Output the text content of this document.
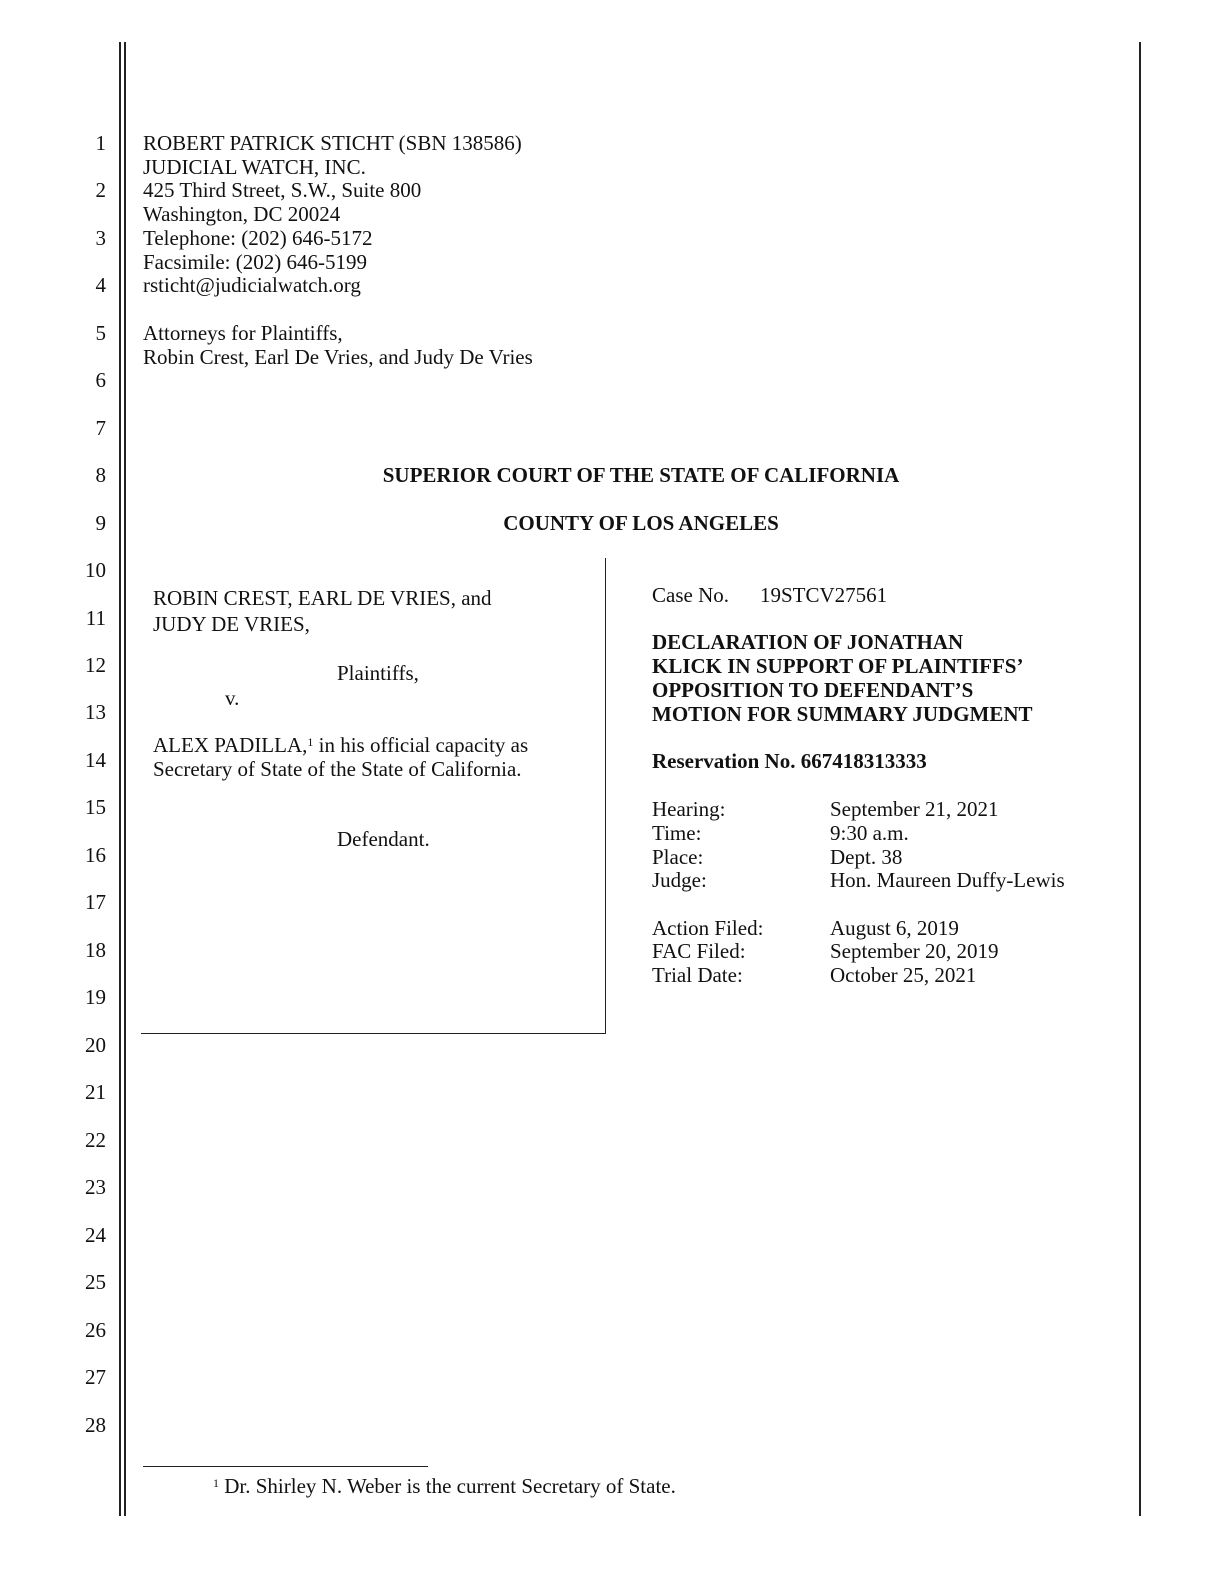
1
2
3
4
5
6
7
8
9
10
11
12
13
14
15
16
17
18
19
20
21
22
23
24
25
26
27
28
ROBERT PATRICK STICHT (SBN 138586)
JUDICIAL WATCH, INC.
425 Third Street, S.W., Suite 800
Washington, DC 20024
Telephone: (202) 646-5172
Facsimile: (202) 646-5199
rsticht@judicialwatch.org
Attorneys for Plaintiffs,
Robin Crest, Earl De Vries, and Judy De Vries
SUPERIOR COURT OF THE STATE OF CALIFORNIA
COUNTY OF LOS ANGELES
ROBIN CREST, EARL DE VRIES, and
JUDY DE VRIES,
Plaintiffs,
v.
ALEX PADILLA,$^1$ in his official capacity as
Secretary of State of the State of California.
Defendant.
Case No. 19STCV27561
DECLARATION OF JONATHAN
KLICK IN SUPPORT OF PLAINTIFFS’
OPPOSITION TO DEFENDANT’S
MOTION FOR SUMMARY JUDGMENT
Reservation No. 667418313333
Hearing:	September 21, 2021
Time:	9:30 a.m.
Place:	Dept. 38
Judge:	Hon. Maureen Duffy-Lewis
Action Filed:	August 6, 2019
FAC Filed:	September 20, 2019
Trial Date:	October 25, 2021
$^1$ Dr. Shirley N. Weber is the current Secretary of State.
